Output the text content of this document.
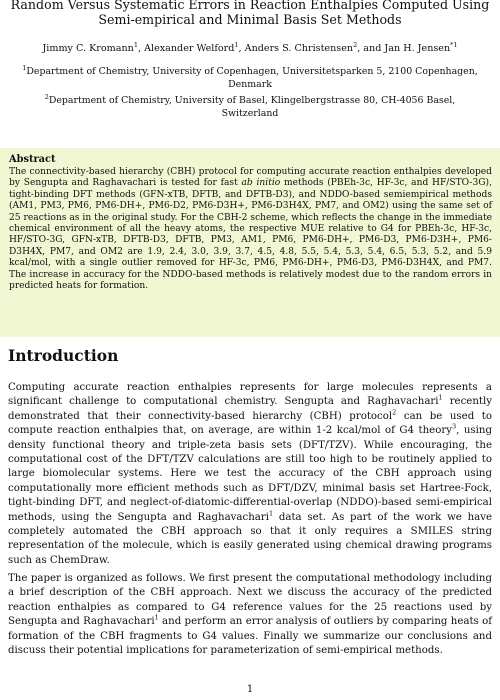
Random Versus Systematic Errors in Reaction Enthalpies Computed Using
Semi-empirical and Minimal Basis Set Methods

Jimmy C. Kromann$^1$, Alexander Welford$^1$, Anders S. Christensen$^2$, and Jan H. Jensen$^{*1}$

$^1$Department of Chemistry, University of Copenhagen, Universitetsparken 5, 2100 Copenhagen, Denmark

$^2$Department of Chemistry, University of Basel, Klingelbergstrasse 80, CH-4056 Basel, Switzerland

Abstract

The connectivity-based hierarchy (CBH) protocol for computing accurate reaction enthalpies developed by Sengupta and Raghavachari is tested for fast ab initio methods (PBEh-3c, HF-3c, and HF/STO-3G), tight-binding DFT methods (GFN-xTB, DFTB, and DFTB-D3), and NDDO-based semiempirical methods (AM1, PM3, PM6, PM6-DH+, PM6-D2, PM6-D3H+, PM6-D3H4X, PM7, and OM2) using the same set of 25 reactions as in the original study. For the CBH-2 scheme, which reflects the change in the immediate chemical environment of all the heavy atoms, the respective MUE relative to G4 for PBEh-3c, HF-3c, HF/STO-3G, GFN-xTB, DFTB-D3, DFTB, PM3, AM1, PM6, PM6-DH+, PM6-D3, PM6-D3H+, PM6-D3H4X, PM7, and OM2 are 1.9, 2.4, 3.0, 3.9, 3.7, 4.5, 4.8, 5.5, 5.4, 5.3, 5.4, 6.5, 5.3, 5.2, and 5.9 kcal/mol, with a single outlier removed for HF-3c, PM6, PM6-DH+, PM6-D3, PM6-D3H4X, and PM7. The increase in accuracy for the NDDO-based methods is relatively modest due to the random errors in predicted heats for formation.

Introduction

Computing accurate reaction enthalpies represents for large molecules represents a significant challenge to computational chemistry. Sengupta and Raghavachari$^1$ recently demonstrated that their connectivity-based hierarchy (CBH) protocol$^2$ can be used to compute reaction enthalpies that, on average, are within 1-2 kcal/mol of G4 theory$^3$, using density functional theory and triple-zeta basis sets (DFT/TZV). While encouraging, the computational cost of the DFT/TZV calculations are still too high to be routinely applied to large biomolecular systems. Here we test the accuracy of the CBH approach using computationally more efficient methods such as DFT/DZV, minimal basis set Hartree-Fock, tight-binding DFT, and neglect-of-diatomic-differential-overlap (NDDO)-based semi-empirical methods, using the Sengupta and Raghavachari$^1$ data set. As part of the work we have completely automated the CBH approach so that it only requires a SMILES string representation of the molecule, which is easily generated using chemical drawing programs such as ChemDraw.

The paper is organized as follows. We first present the computational methodology including a brief description of the CBH approach. Next we discuss the accuracy of the predicted reaction enthalpies as compared to G4 reference values for the 25 reactions used by Sengupta and Raghavachari$^1$ and perform an error analysis of outliers by comparing heats of formation of the CBH fragments to G4 values. Finally we summarize our conclusions and discuss their potential implications for parameterization of semi-empirical methods.

1
